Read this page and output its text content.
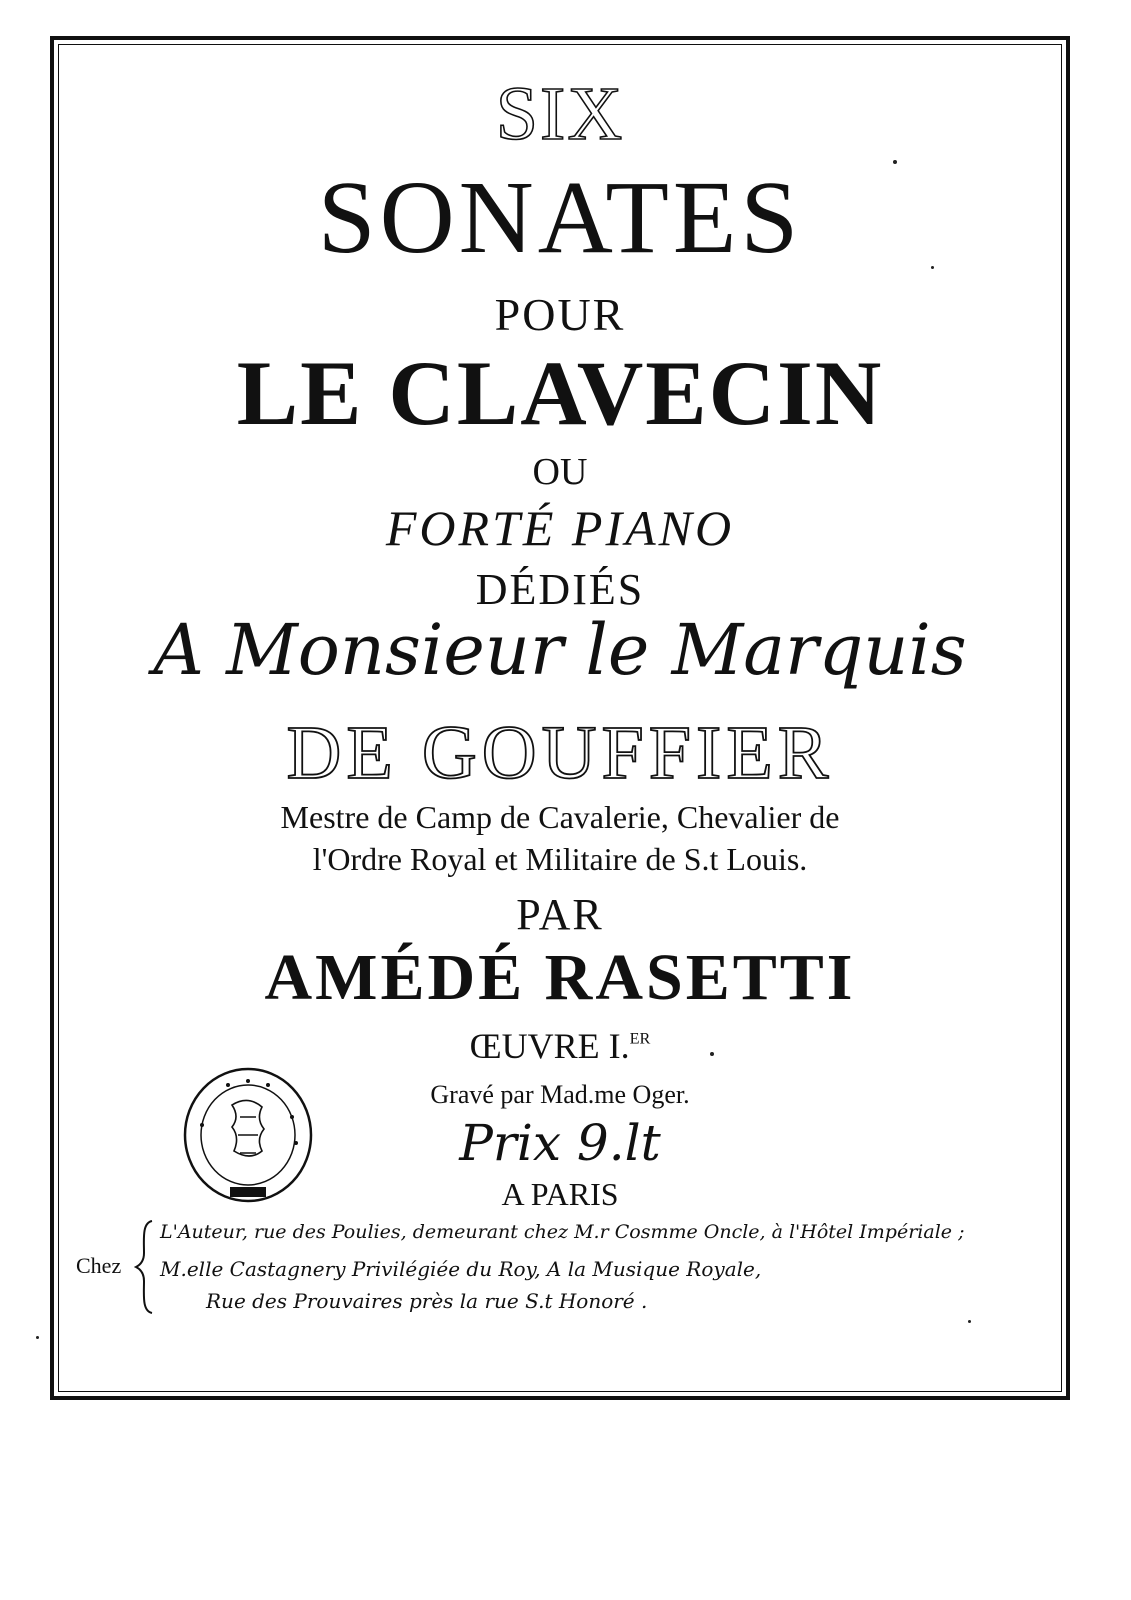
SIX
SONATES
POUR
LE CLAVECIN
OU
FORTÉ PIANO
DÉDIÉS
A Monsieur le Marquis
DE GOUFFIER
Mestre de Camp de Cavalerie, Chevalier de
l'Ordre Royal et Militaire de S.t Louis.
PAR
AMÉDÉ RASETTI
ŒUVRE I.$^{ER}$
Gravé par Mad.me Oger.
Prix 9.lt
A PARIS
Chez
L'Auteur, rue des Poulies, demeurant chez M.r Cosmme Oncle, à l'Hôtel Impériale ;
M.elle Castagnery Privilégiée du Roy, A la Musique Royale,
Rue des Prouvaires près la rue S.t Honoré .
